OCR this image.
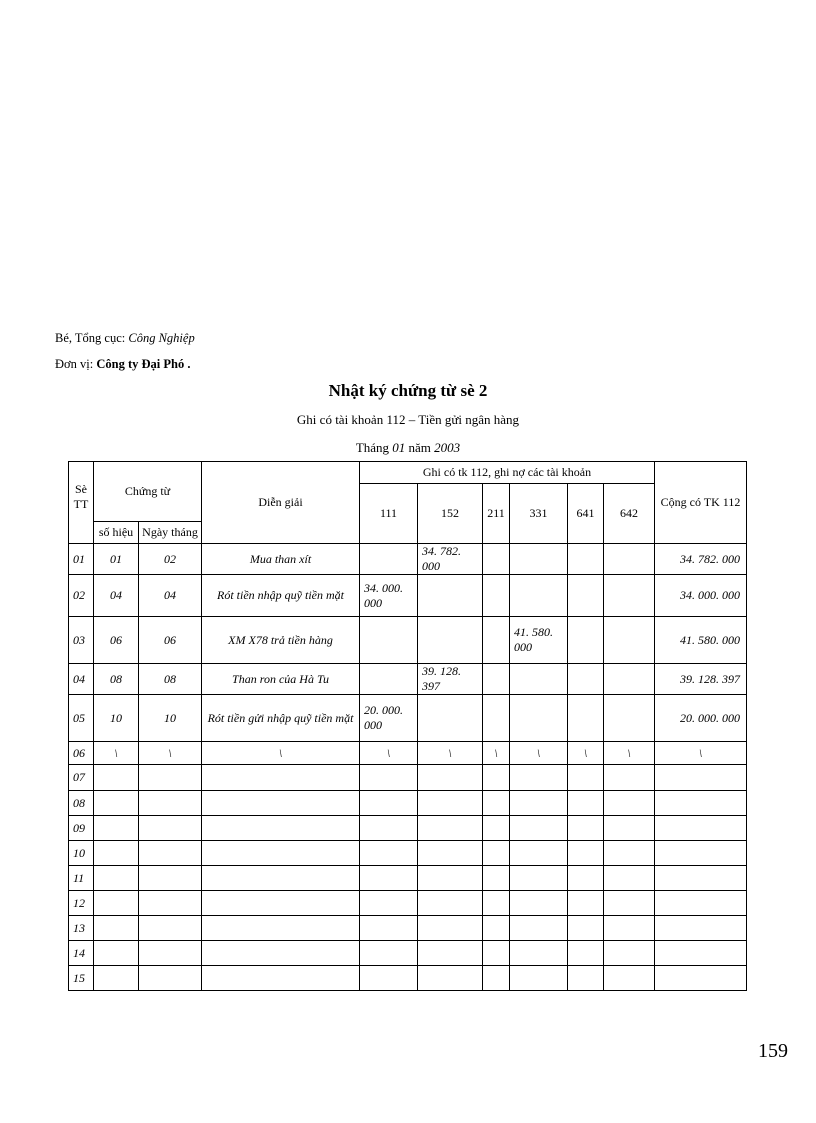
Bé, Tổng cục: Công Nghiệp
Đơn vị: Công ty Đại Phó .
Nhật ký chứng từ sè 2
Ghi có tài khoản 112 – Tiền gửi ngân hàng
Tháng 01 năm 2003
Sè TT	Chứng từ		Diễn giải	Ghi có tk 112, ghi nợ các tài khoản						Cộng có TK 112
				111	152	211	331	641	642	
	số hiệu	Ngày tháng								
01	01	02	Mua than xít		34. 782. 000					34. 782. 000
02	04	04	Rót tiền nhập quỹ tiền mặt	34. 000. 000						34. 000. 000
03	06	06	XM X78 trả tiền hàng				41. 580. 000			41. 580. 000
04	08	08	Than ron của Hà Tu		39. 128. 397					39. 128. 397
05	10	10	Rót tiền gửi nhập quỹ tiền mặt	20. 000. 000						20. 000. 000
06	\	\	\	\	\	\	\	\	\	\
07										
08										
09										
10										
11										
12										
13										
14										
15										
159
